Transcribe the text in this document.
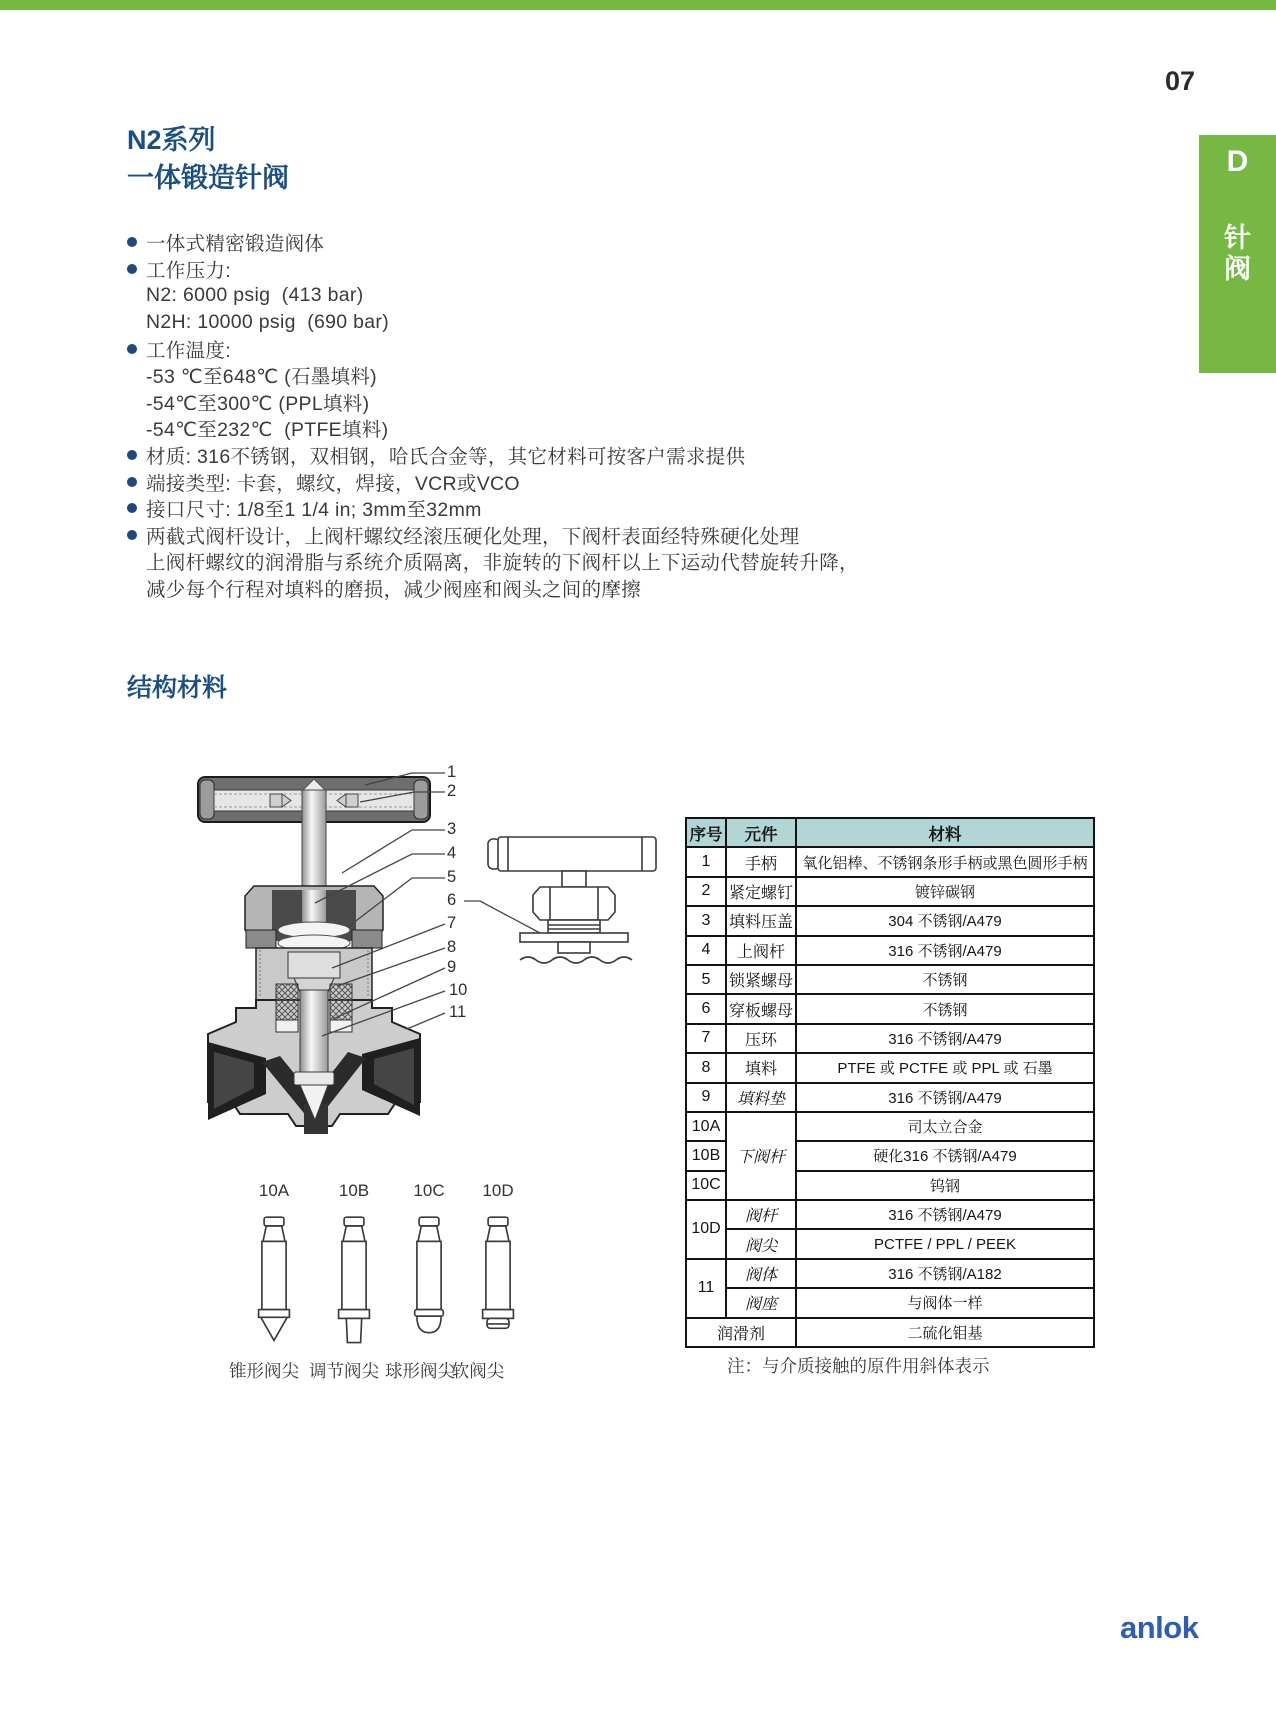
07
D
针阀
N2系列
一体锻造针阀
一体式精密锻造阀体
工作压力:
N2: 6000 psig  (413 bar)
N2H: 10000 psig  (690 bar)
工作温度:
-53 ℃至648℃ (石墨填料)
-54℃至300℃ (PPL填料)
-54℃至232℃  (PTFE填料)
材质: 316不锈钢，双相钢，哈氏合金等，其它材料可按客户需求提供
端接类型: 卡套，螺纹，焊接，VCR或VCO
接口尺寸: 1/8至1 1/4 in; 3mm至32mm
两截式阀杆设计，上阀杆螺纹经滚压硬化处理，下阀杆表面经特殊硬化处理
上阀杆螺纹的润滑脂与系统介质隔离，非旋转的下阀杆以上下运动代替旋转升降，
减少每个行程对填料的磨损，减少阀座和阀头之间的摩擦
结构材料
1
2
3
4
5
6
7
8
9
10
11
10A	10B	10C	10D
锥形阀尖 调节阀尖 球形阀尖
软阀尖
序号	元件	材料
1	手柄	氧化铝棒、不锈钢条形手柄或黑色圆形手柄
2	紧定螺钉	镀锌碳钢
3	填料压盖	304 不锈钢/A479
4	上阀杆	316 不锈钢/A479
5	锁紧螺母	不锈钢
6	穿板螺母	不锈钢
7	压环	316 不锈钢/A479
8	填料	PTFE 或 PCTFE 或 PPL 或 石墨
9	填料垫	316 不锈钢/A479
10A	下阀杆	司太立合金
10B		硬化316 不锈钢/A479
10C		钨钢
10D	阀杆	316 不锈钢/A479
	阀尖	PCTFE / PPL / PEEK
11	阀体	316 不锈钢/A182
	阀座	与阀体一样
润滑剂		二硫化钼基
注：与介质接触的原件用斜体表示
anlok
